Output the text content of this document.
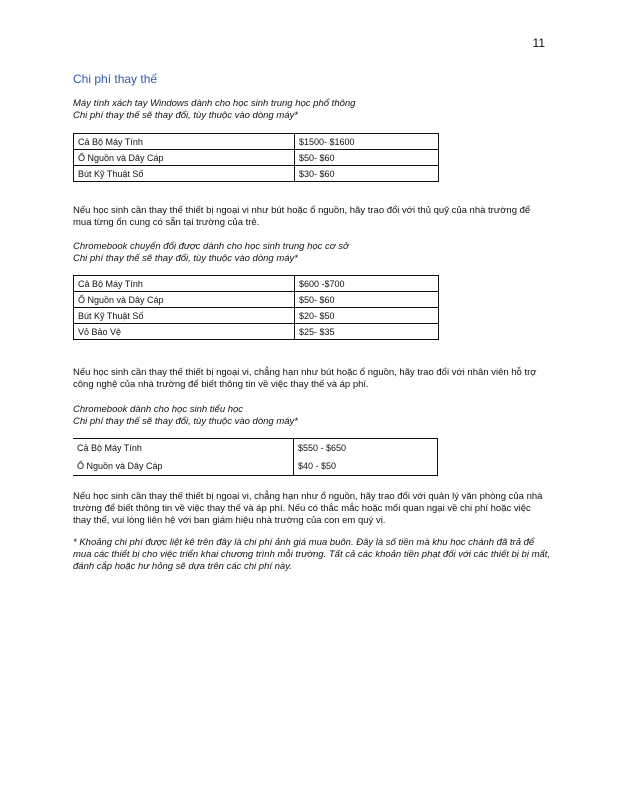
11
Chi phí thay thế
Máy tính xách tay Windows dành cho học sinh trung học phổ thông
Chi phí thay thế sẽ thay đổi, tùy thuộc vào dòng máy*
Cả Bộ Máy Tính	$1500- $1600
Ổ Nguồn và Dây Cáp	$50- $60
Bút Kỹ Thuật Số	$30- $60
Nếu học sinh cần thay thế thiết bị ngoại vi như bút hoặc ổ nguồn, hãy trao đổi với thủ quỹ của nhà trường để mua từng ổn cung có sẵn tại trường của trẻ.
Chromebook chuyển đổi được dành cho học sinh trung học cơ sở
Chi phí thay thế sẽ thay đổi, tùy thuộc vào dòng máy*
Cả Bộ Máy Tính	$600 -$700
Ổ Nguồn và Dây Cáp	$50- $60
Bút Kỹ Thuật Số	$20- $50
Vỏ Bảo Vệ	$25- $35
Nếu học sinh cần thay thế thiết bị ngoại vi, chẳng hạn như bút hoặc ổ nguồn, hãy trao đổi với nhân viên hỗ trợ công nghệ của nhà trường để biết thông tin về việc thay thế và áp phí.
Chromebook dành cho học sinh tiểu học
Chi phí thay thế sẽ thay đổi, tùy thuộc vào dòng máy*
Cả Bộ Máy Tính	$550 - $650
Ổ Nguồn và Dây Cáp	$40 - $50
Nếu học sinh cần thay thế thiết bị ngoại vi, chẳng hạn như ổ nguồn, hãy trao đổi với quản lý văn phòng của nhà trường để biết thông tin về việc thay thế và áp phí. Nếu có thắc mắc hoặc mối quan ngại về chi phí hoặc việc thay thế, vui lòng liên hệ với ban giám hiệu nhà trường của con em quý vị.
* Khoảng chi phí được liệt kê trên đây là chi phí ảnh giá mua buôn. Đây là số tiền mà khu học chánh đã trả để mua các thiết bị cho việc triển khai chương trình mỗi trường. Tất cả các khoản tiền phạt đối với các thiết bị bị mất, đánh cắp hoặc hư hỏng sẽ dựa trên các chi phí này.
